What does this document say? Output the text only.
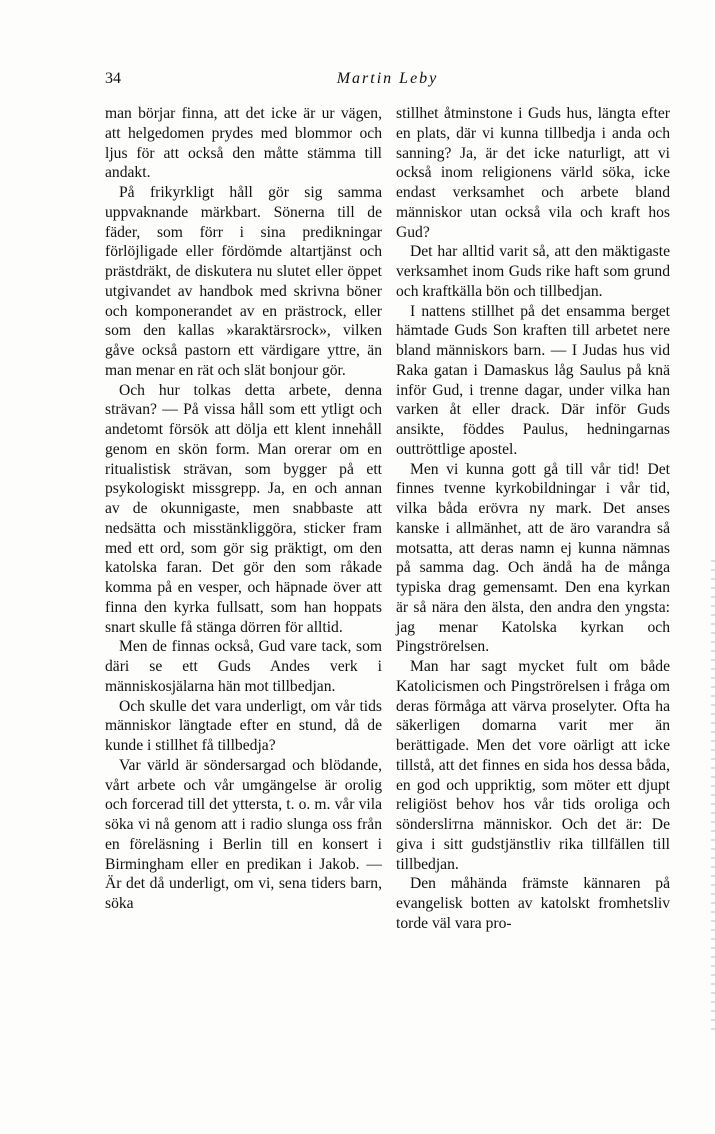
34	Martin Leby

man börjar finna, att det icke är ur vägen, att helgedomen prydes med blommor och ljus för att också den måtte stämma till andakt.

På frikyrkligt håll gör sig samma uppvaknande märkbart. Sönerna till de fäder, som förr i sina predikningar förlöjligade eller fördömde altartjänst och prästdräkt, de diskutera nu slutet eller öppet utgivandet av handbok med skrivna böner och komponerandet av en prästrock, eller som den kallas »karaktärsrock», vilken gåve också pastorn ett värdigare yttre, än man menar en rät och slät bonjour gör.

Och hur tolkas detta arbete, denna strävan? — På vissa håll som ett ytligt och andetomt försök att dölja ett klent innehåll genom en skön form. Man orerar om en ritualistisk strävan, som bygger på ett psykologiskt missgrepp. Ja, en och annan av de okunnigaste, men snabbaste att nedsätta och misstänkliggöra, sticker fram med ett ord, som gör sig präktigt, om den katolska faran. Det gör den som råkade komma på en vesper, och häpnade över att finna den kyrka fullsatt, som han hoppats snart skulle få stänga dörren för alltid.

Men de finnas också, Gud vare tack, som däri se ett Guds Andes verk i människosjälarna hän mot tillbedjan.

Och skulle det vara underligt, om vår tids människor längtade efter en stund, då de kunde i stillhet få tillbedja?

Var värld är söndersargad och blödande, vårt arbete och vår umgängelse är orolig och forcerad till det yttersta, t. o. m. vår vila söka vi nå genom att i radio slunga oss från en föreläsning i Berlin till en konsert i Birmingham eller en predikan i Jakob. — Är det då underligt, om vi, sena tiders barn, söka

stillhet åtminstone i Guds hus, längta efter en plats, där vi kunna tillbedja i anda och sanning? Ja, är det icke naturligt, att vi också inom religionens värld söka, icke endast verksamhet och arbete bland människor utan också vila och kraft hos Gud?

Det har alltid varit så, att den mäktigaste verksamhet inom Guds rike haft som grund och kraftkälla bön och tillbedjan.

I nattens stillhet på det ensamma berget hämtade Guds Son kraften till arbetet nere bland människors barn. — I Judas hus vid Raka gatan i Damaskus låg Saulus på knä inför Gud, i trenne dagar, under vilka han varken åt eller drack. Där inför Guds ansikte, föddes Paulus, hedningarnas outtröttlige apostel.

Men vi kunna gott gå till vår tid! Det finnes tvenne kyrkobildningar i vår tid, vilka båda erövra ny mark. Det anses kanske i allmänhet, att de äro varandra så motsatta, att deras namn ej kunna nämnas på samma dag. Och ändå ha de många typiska drag gemensamt. Den ena kyrkan är så nära den älsta, den andra den yngsta: jag menar Katolska kyrkan och Pingströrelsen.

Man har sagt mycket fult om både Katolicismen och Pingströrelsen i fråga om deras förmåga att värva proselyter. Ofta ha säkerligen domarna varit mer än berättigade. Men det vore oärligt att icke tillstå, att det finnes en sida hos dessa båda, en god och uppriktig, som möter ett djupt religiöst behov hos vår tids oroliga och söndersliтna människor. Och det är: De giva i sitt gudstjänstliv rika tillfällen till tillbedjan.

Den måhända främste kännaren på evangelisk botten av katolskt fromhetsliv torde väl vara pro-
